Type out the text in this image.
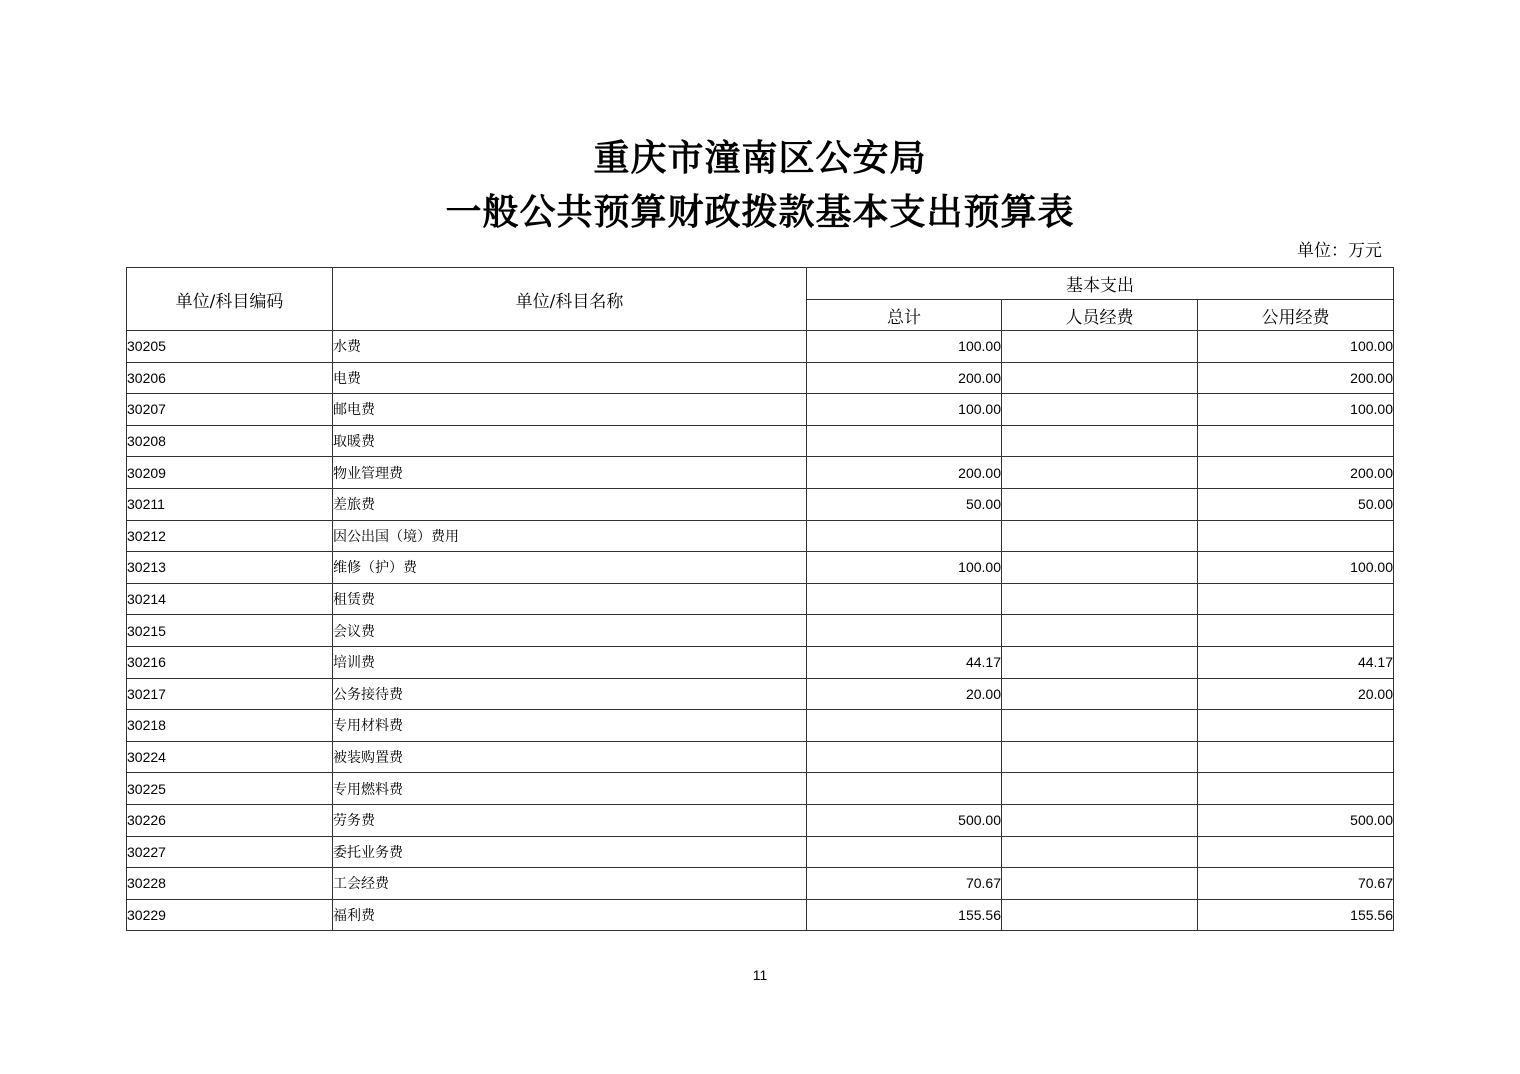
重庆市潼南区公安局
一般公共预算财政拨款基本支出预算表
单位：万元
单位/科目编码	单位/科目名称	基本支出		
		总计	人员经费	公用经费
30205	水费	100.00		100.00
30206	电费	200.00		200.00
30207	邮电费	100.00		100.00
30208	取暖费			
30209	物业管理费	200.00		200.00
30211	差旅费	50.00		50.00
30212	因公出国（境）费用			
30213	维修（护）费	100.00		100.00
30214	租赁费			
30215	会议费			
30216	培训费	44.17		44.17
30217	公务接待费	20.00		20.00
30218	专用材料费			
30224	被装购置费			
30225	专用燃料费			
30226	劳务费	500.00		500.00
30227	委托业务费			
30228	工会经费	70.67		70.67
30229	福利费	155.56		155.56
11
